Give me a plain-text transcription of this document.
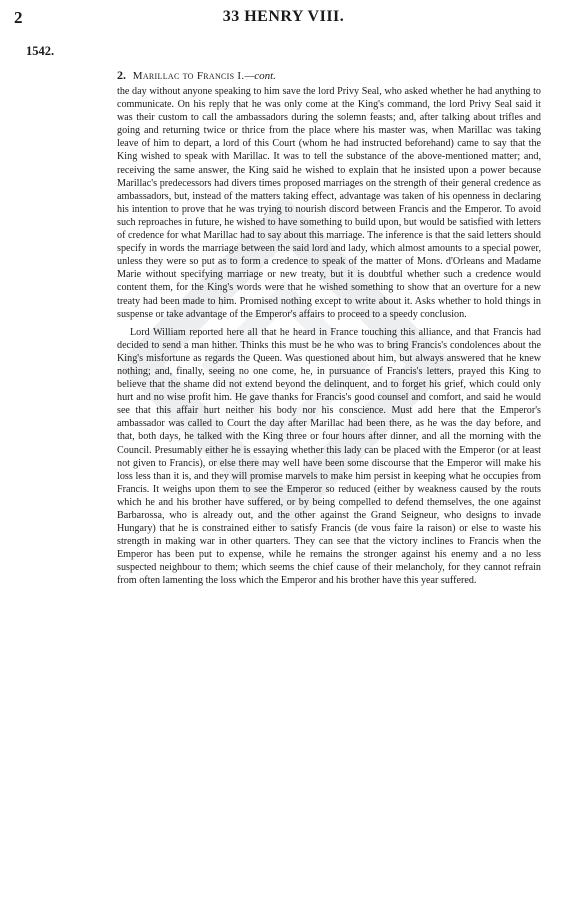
2	33 HENRY VIII.
1542.
2. Marillac to Francis I.—cont.

the day without anyone speaking to him save the lord Privy Seal, who asked whether he had anything to communicate. On his reply that he was only come at the King's command, the lord Privy Seal said it was their custom to call the ambassadors during the solemn feasts; and, after talking about trifles and going and returning twice or thrice from the place where his master was, when Marillac was taking leave of him to depart, a lord of this Court (whom he had instructed beforehand) came to say that the King wished to speak with Marillac. It was to tell the substance of the above-mentioned matter; and, receiving the same answer, the King said he wished to explain that he insisted upon a power because Marillac's predecessors had divers times proposed marriages on the strength of their general credence as ambassadors, but, instead of the matters taking effect, advantage was taken of his openness in declaring his intention to prove that he was trying to nourish discord between Francis and the Emperor. To avoid such reproaches in future, he wished to have something to build upon, but would be satisfied with letters of credence for what Marillac had to say about this marriage. The inference is that the said letters should specify in words the marriage between the said lord and lady, which almost amounts to a special power, unless they were so put as to form a credence to speak of the matter of Mons. d'Orleans and Madame Marie without specifying marriage or new treaty, but it is doubtful whether such a credence would content them, for the King's words were that he wished something to show that an overture for a new treaty had been made to him. Promised nothing except to write about it. Asks whether to hold things in suspense or take advantage of the Emperor's affairs to proceed to a speedy conclusion.

Lord William reported here all that he heard in France touching this alliance, and that Francis had decided to send a man hither. Thinks this must be he who was to bring Francis's condolences about the King's misfortune as regards the Queen. Was questioned about him, but always answered that he knew nothing; and, finally, seeing no one come, he, in pursuance of Francis's letters, prayed this King to believe that the shame did not extend beyond the delinquent, and to forget his grief, which could only hurt and no wise profit him. He gave thanks for Francis's good counsel and comfort, and said he would see that this affair hurt neither his body nor his conscience. Must add here that the Emperor's ambassador was called to Court the day after Marillac had been there, as he was the day before, and that, both days, he talked with the King three or four hours after dinner, and all the morning with the Council. Presumably either he is essaying whether this lady can be placed with the Emperor (or at least not given to Francis), or else there may well have been some discourse that the Emperor will make his loss less than it is, and they will promise marvels to make him persist in keeping what he occupies from Francis. It weighs upon them to see the Emperor so reduced (either by weakness caused by the routs which he and his brother have suffered, or by being compelled to defend themselves, the one against Barbarossa, who is already out, and the other against the Grand Seigneur, who designs to invade Hungary) that he is constrained either to satisfy Francis (de vous faire la raison) or else to waste his strength in making war in other quarters. They can see that the victory inclines to Francis when the Emperor has been put to expense, while he remains the stronger against his enemy and a no less suspected neighbour to them; which seems the chief cause of their melancholy, for they cannot refrain from often lamenting the loss which the Emperor and his brother have this year suffered.
